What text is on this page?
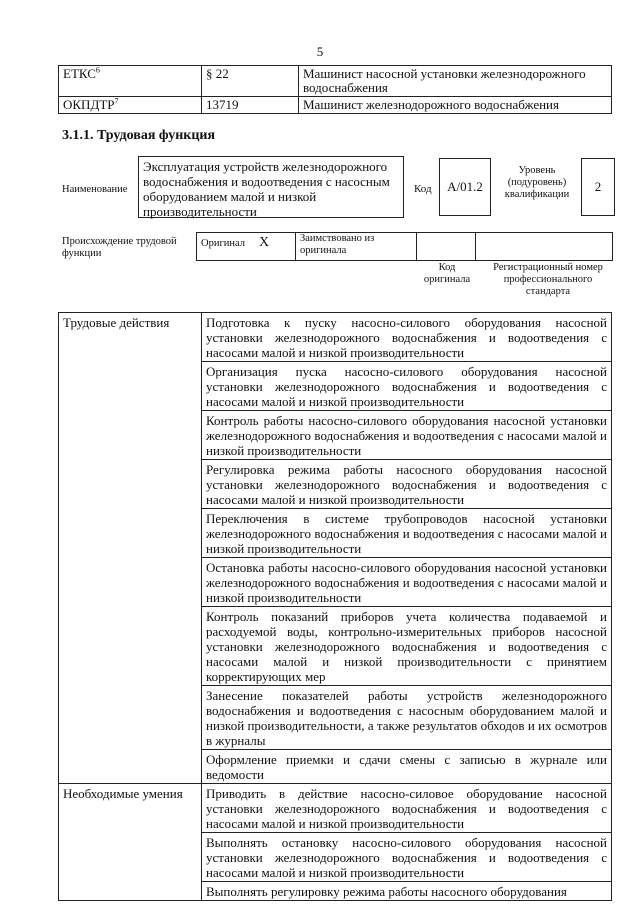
5
ЕТКС$^6$	§ 22	Машинист насосной установки железнодорожного водоснабжения
ОКПДТР$^7$	13719	Машинист железнодорожного водоснабжения
3.1.1. Трудовая функция
Наименование
Эксплуатация устройств железнодорожного водоснабжения и водоотведения с насосным оборудованием малой и низкой производительности
Код	A/01.2
Уровень (подуровень) квалификации
2
Происхождение трудовой функции
Оригинал X	Заимствовано из оригинала		
Код оригинала
Регистрационный номер профессионального стандарта
Трудовые действия	Подготовка к пуску насосно-силового оборудования насосной установки железнодорожного водоснабжения и водоотведения с насосами малой и низкой производительности
	Организация пуска насосно-силового оборудования насосной установки железнодорожного водоснабжения и водоотведения с насосами малой и низкой производительности
	Контроль работы насосно-силового оборудования насосной установки железнодорожного водоснабжения и водоотведения с насосами малой и низкой производительности
	Регулировка режима работы насосного оборудования насосной установки железнодорожного водоснабжения и водоотведения с насосами малой и низкой производительности
	Переключения в системе трубопроводов насосной установки железнодорожного водоснабжения и водоотведения с насосами малой и низкой производительности
	Остановка работы насосно-силового оборудования насосной установки железнодорожного водоснабжения и водоотведения с насосами малой и низкой производительности
	Контроль показаний приборов учета количества подаваемой и расходуемой воды, контрольно-измерительных приборов насосной установки железнодорожного водоснабжения и водоотведения с насосами малой и низкой производительности с принятием корректирующих мер
	Занесение показателей работы устройств железнодорожного водоснабжения и водоотведения с насосным оборудованием малой и низкой производительности, а также результатов обходов и их осмотров в журналы
	Оформление приемки и сдачи смены с записью в журнале или ведомости
Необходимые умения	Приводить в действие насосно-силовое оборудование насосной установки железнодорожного водоснабжения и водоотведения с насосами малой и низкой производительности
	Выполнять остановку насосно-силового оборудования насосной установки железнодорожного водоснабжения и водоотведения с насосами малой и низкой производительности
	Выполнять регулировку режима работы насосного оборудования
